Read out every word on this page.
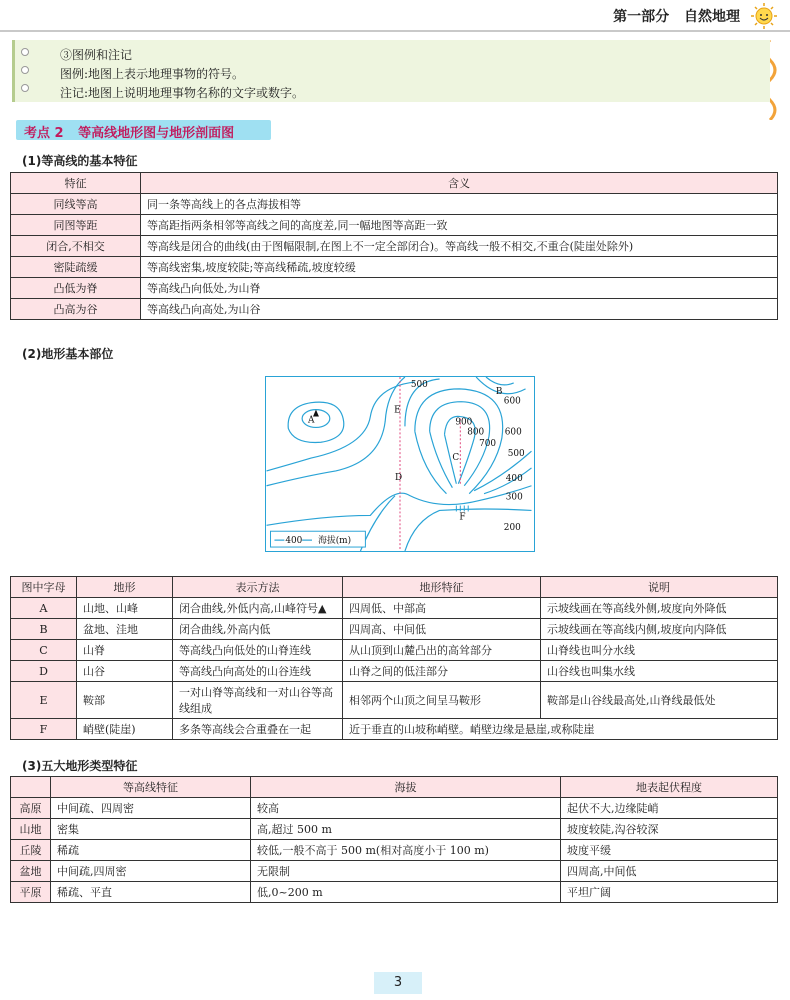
第一部分 自然地理
③图例和注记
图例:地图上表示地理事物的符号。
注记:地图上说明地理事物名称的文字或数字。
考点 2 等高线地形图与地形剖面图
(1)等高线的基本特征
特征	含义
同线等高	同一条等高线上的各点海拔相等
同图等距	等高距指两条相邻等高线之间的高度差,同一幅地图等高距一致
闭合,不相交	等高线是闭合的曲线(由于图幅限制,在图上不一定全部闭合)。等高线一般不相交,不重合(陡崖处除外)
密陡疏缓	等高线密集,坡度较陡;等高线稀疏,坡度较缓
凸低为脊	等高线凸向低处,为山脊
凸高为谷	等高线凸向高处,为山谷
(2)地形基本部位
A
B
C
D
E
F
500
600
900
800
700
600
500
400
300
200
400 海拔(m)
图中字母	地形	表示方法	地形特征	说明
A	山地、山峰	闭合曲线,外低内高,山峰符号▲	四周低、中部高	示坡线画在等高线外侧,坡度向外降低
B	盆地、洼地	闭合曲线,外高内低	四周高、中间低	示坡线画在等高线内侧,坡度向内降低
C	山脊	等高线凸向低处的山脊连线	从山顶到山麓凸出的高耸部分	山脊线也叫分水线
D	山谷	等高线凸向高处的山谷连线	山脊之间的低洼部分	山谷线也叫集水线
E	鞍部	一对山脊等高线和一对山谷等高线组成	相邻两个山顶之间呈马鞍形	鞍部是山谷线最高处,山脊线最低处
F	峭壁(陡崖)	多条等高线会合重叠在一起	近于垂直的山坡称峭壁。峭壁边缘是悬崖,或称陡崖	
(3)五大地形类型特征
	等高线特征	海拔	地表起伏程度
高原	中间疏、四周密	较高	起伏不大,边缘陡峭
山地	密集	高,超过 500 m	坡度较陡,沟谷较深
丘陵	稀疏	较低,一般不高于 500 m(相对高度小于 100 m)	坡度平缓
盆地	中间疏,四周密	无限制	四周高,中间低
平原	稀疏、平直	低,0~200 m	平坦广阔
3
